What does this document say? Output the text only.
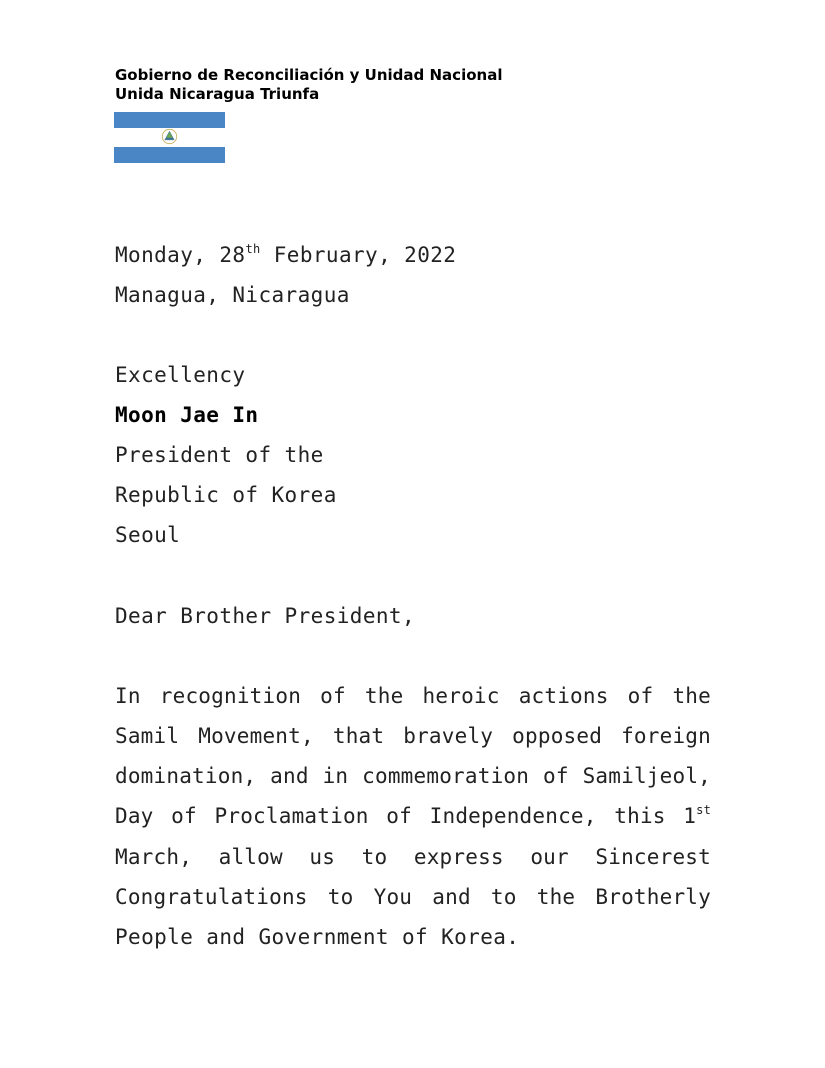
Gobierno de Reconciliación y Unidad Nacional
Unida Nicaragua Triunfa
Monday, 28th February, 2022
Managua, Nicaragua
Excellency
Moon Jae In
President of the
Republic of Korea
Seoul
Dear Brother President,
In recognition of the heroic actions of the
Samil Movement, that bravely opposed foreign
domination, and in commemoration of Samiljeol,
Day of Proclamation of Independence, this 1st
March, allow us to express our Sincerest
Congratulations to You and to the Brotherly
People and Government of Korea.
